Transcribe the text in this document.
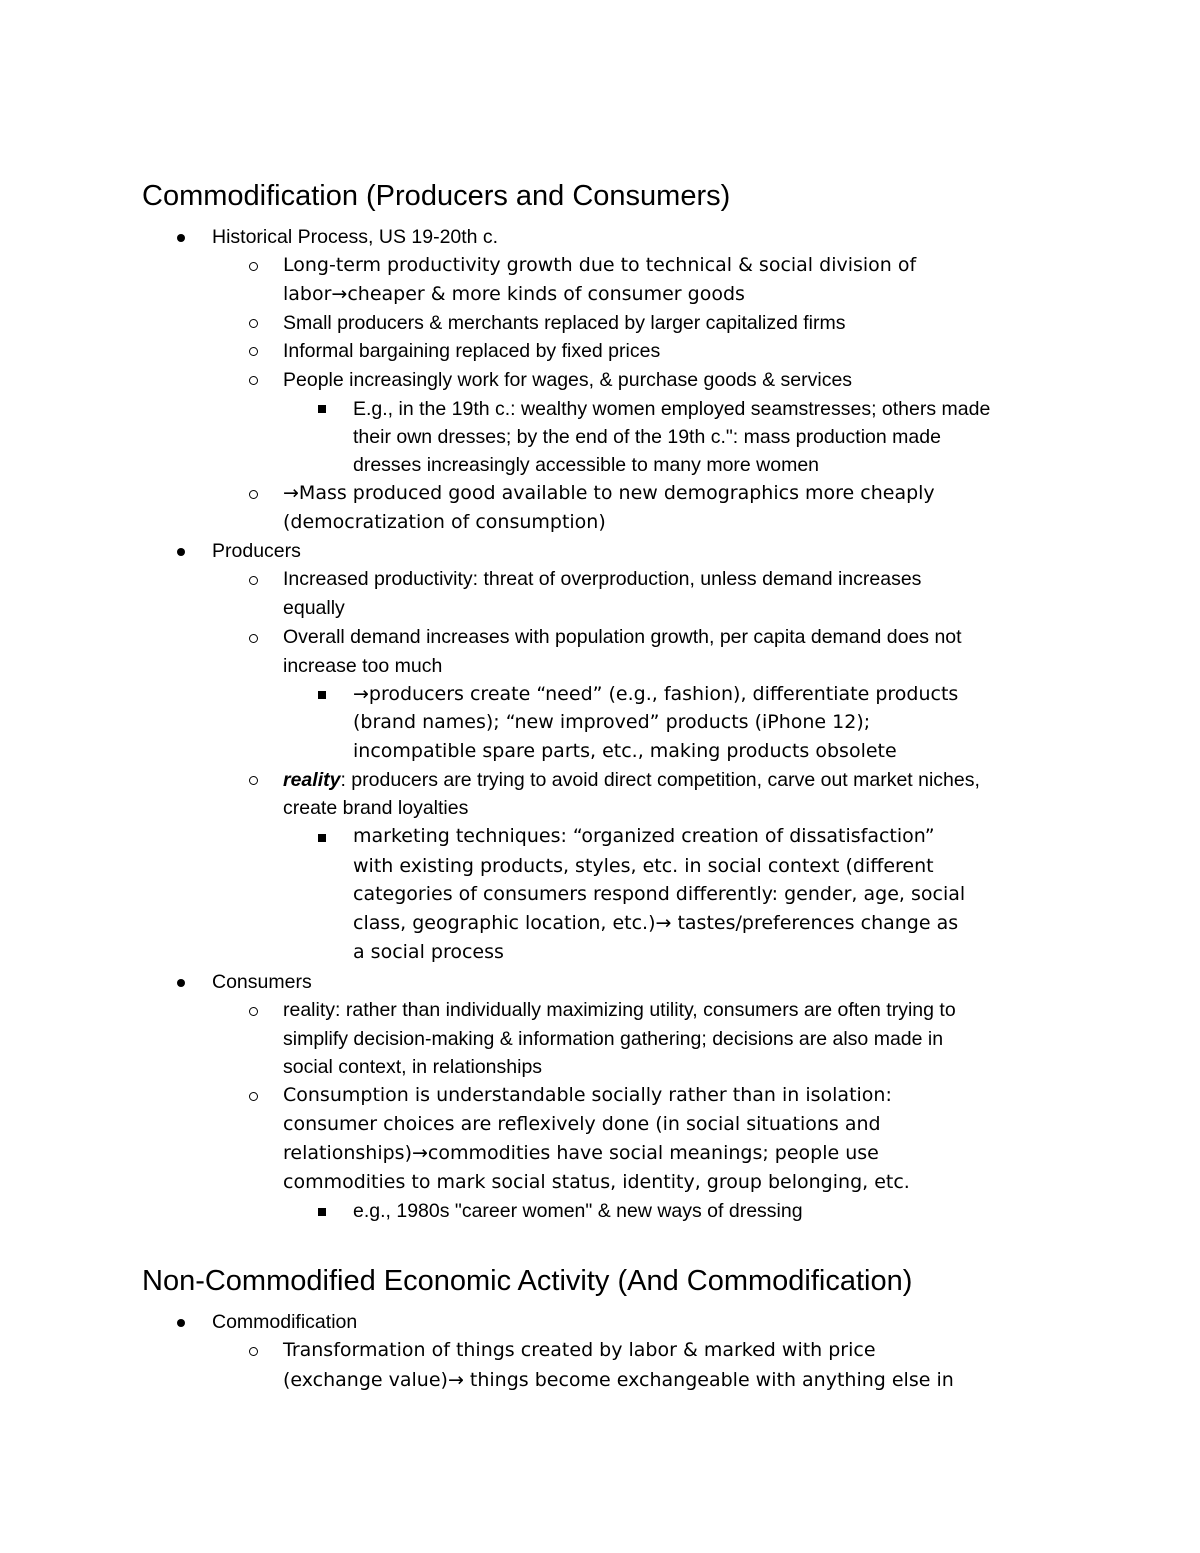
Commodification (Producers and Consumers)

Historical Process, US 19-20th c.

Long-term productivity growth due to technical & social division of

labor→cheaper & more kinds of consumer goods

Small producers & merchants replaced by larger capitalized firms

Informal bargaining replaced by fixed prices

People increasingly work for wages, & purchase goods & services

E.g., in the 19th c.: wealthy women employed seamstresses; others made

their own dresses; by the end of the 19th c.": mass production made

dresses increasingly accessible to many more women

→Mass produced good available to new demographics more cheaply

(democratization of consumption)

Producers

Increased productivity: threat of overproduction, unless demand increases

equally

Overall demand increases with population growth, per capita demand does not

increase too much

→producers create “need” (e.g., fashion), differentiate products

(brand names); “new improved” products (iPhone 12);

incompatible spare parts, etc., making products obsolete

reality: producers are trying to avoid direct competition, carve out market niches,

create brand loyalties

marketing techniques: “organized creation of dissatisfaction”

with existing products, styles, etc. in social context (different

categories of consumers respond differently: gender, age, social

class, geographic location, etc.)→ tastes/preferences change as

a social process

Consumers

reality: rather than individually maximizing utility, consumers are often trying to

simplify decision-making & information gathering; decisions are also made in

social context, in relationships

Consumption is understandable socially rather than in isolation:

consumer choices are reflexively done (in social situations and

relationships)→commodities have social meanings; people use

commodities to mark social status, identity, group belonging, etc.

e.g., 1980s "career women" & new ways of dressing

Non-Commodified Economic Activity (And Commodification)

Commodification

Transformation of things created by labor & marked with price

(exchange value)→ things become exchangeable with anything else in
